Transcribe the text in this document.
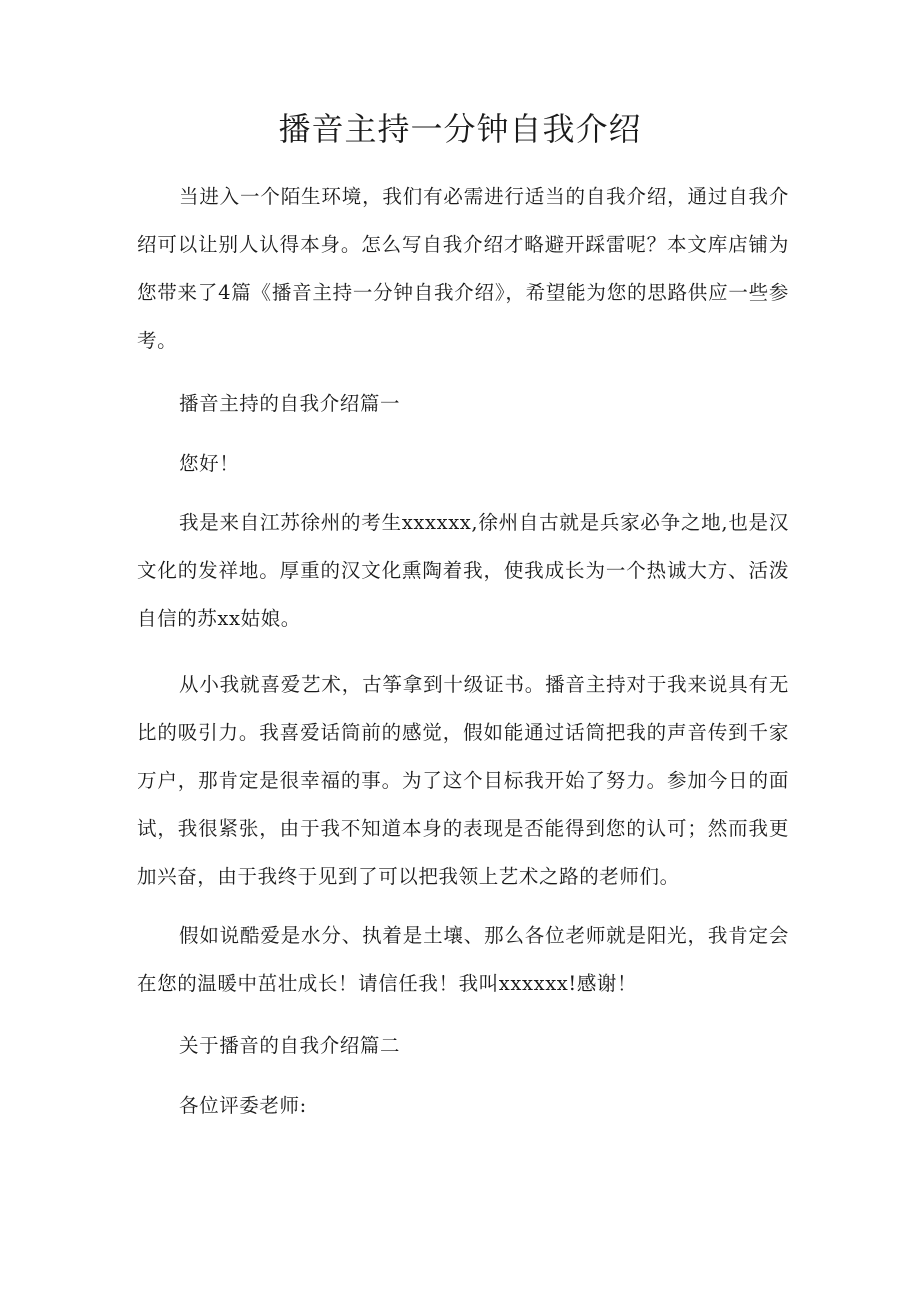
播音主持一分钟自我介绍

当进入一个陌生环境，我们有必需进行适当的自我介绍，通过自我介绍可以让别人认得本身。怎么写自我介绍才略避开踩雷呢？本文库店铺为您带来了4篇《播音主持一分钟自我介绍》，希望能为您的思路供应一些参考。

播音主持的自我介绍篇一

您好！

我是来自江苏徐州的考生xxxxxx,徐州自古就是兵家必争之地,也是汉文化的发祥地。厚重的汉文化熏陶着我，使我成长为一个热诚大方、活泼自信的苏xx姑娘。

从小我就喜爱艺术，古筝拿到十级证书。播音主持对于我来说具有无比的吸引力。我喜爱话筒前的感觉，假如能通过话筒把我的声音传到千家万户，那肯定是很幸福的事。为了这个目标我开始了努力。参加今日的面试，我很紧张，由于我不知道本身的表现是否能得到您的认可；然而我更加兴奋，由于我终于见到了可以把我领上艺术之路的老师们。

假如说酷爱是水分、执着是土壤、那么各位老师就是阳光，我肯定会在您的温暖中茁壮成长！请信任我！我叫xxxxxx!感谢！

关于播音的自我介绍篇二

各位评委老师:
